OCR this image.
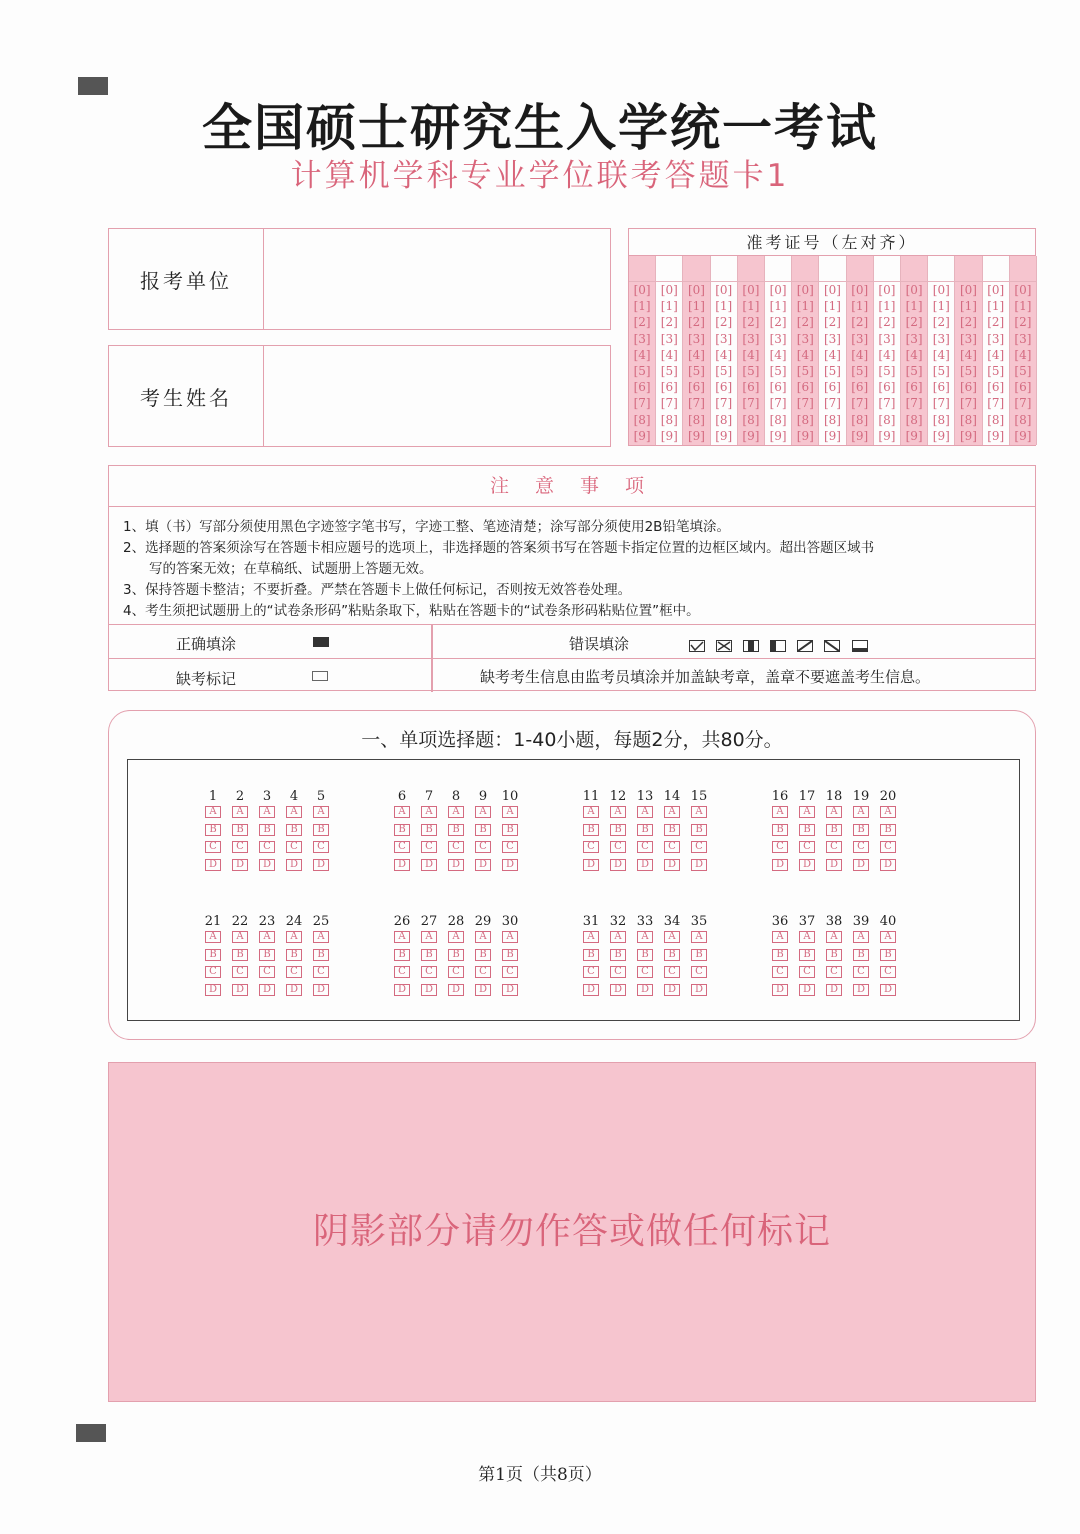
全国硕士研究生入学统一考试
计算机学科专业学位联考答题卡1
报考单位
考生姓名
准考证号（左对齐）
[0]
[1]
[2]
[3]
[4]
[5]
[6]
[7]
[8]
[9]
[0]
[1]
[2]
[3]
[4]
[5]
[6]
[7]
[8]
[9]
[0]
[1]
[2]
[3]
[4]
[5]
[6]
[7]
[8]
[9]
[0]
[1]
[2]
[3]
[4]
[5]
[6]
[7]
[8]
[9]
[0]
[1]
[2]
[3]
[4]
[5]
[6]
[7]
[8]
[9]
[0]
[1]
[2]
[3]
[4]
[5]
[6]
[7]
[8]
[9]
[0]
[1]
[2]
[3]
[4]
[5]
[6]
[7]
[8]
[9]
[0]
[1]
[2]
[3]
[4]
[5]
[6]
[7]
[8]
[9]
[0]
[1]
[2]
[3]
[4]
[5]
[6]
[7]
[8]
[9]
[0]
[1]
[2]
[3]
[4]
[5]
[6]
[7]
[8]
[9]
[0]
[1]
[2]
[3]
[4]
[5]
[6]
[7]
[8]
[9]
[0]
[1]
[2]
[3]
[4]
[5]
[6]
[7]
[8]
[9]
[0]
[1]
[2]
[3]
[4]
[5]
[6]
[7]
[8]
[9]
[0]
[1]
[2]
[3]
[4]
[5]
[6]
[7]
[8]
[9]
[0]
[1]
[2]
[3]
[4]
[5]
[6]
[7]
[8]
[9]
注 意 事 项
1、填（书）写部分须使用黑色字迹签字笔书写，字迹工整、笔迹清楚；涂写部分须使用2B铅笔填涂。
2、选择题的答案须涂写在答题卡相应题号的选项上，非选择题的答案须书写在答题卡指定位置的边框区域内。超出答题区域书
写的答案无效；在草稿纸、试题册上答题无效。
3、保持答题卡整洁；不要折叠。严禁在答题卡上做任何标记，否则按无效答卷处理。
4、考生须把试题册上的“试卷条形码”粘贴条取下，粘贴在答题卡的“试卷条形码粘贴位置”框中。
正确填涂	错误填涂

缺考标记	缺考考生信息由监考员填涂并加盖缺考章，盖章不要遮盖考生信息。
一、单项选择题：1-40小题，每题2分，共80分。
1
A
B
C
D
2
A
B
C
D
3
A
B
C
D
4
A
B
C
D
5
A
B
C
D
6
A
B
C
D
7
A
B
C
D
8
A
B
C
D
9
A
B
C
D
10
A
B
C
D
11
A
B
C
D
12
A
B
C
D
13
A
B
C
D
14
A
B
C
D
15
A
B
C
D
16
A
B
C
D
17
A
B
C
D
18
A
B
C
D
19
A
B
C
D
20
A
B
C
D
21
A
B
C
D
22
A
B
C
D
23
A
B
C
D
24
A
B
C
D
25
A
B
C
D
26
A
B
C
D
27
A
B
C
D
28
A
B
C
D
29
A
B
C
D
30
A
B
C
D
31
A
B
C
D
32
A
B
C
D
33
A
B
C
D
34
A
B
C
D
35
A
B
C
D
36
A
B
C
D
37
A
B
C
D
38
A
B
C
D
39
A
B
C
D
40
A
B
C
D
阴影部分请勿作答或做任何标记
第1页（共8页）
